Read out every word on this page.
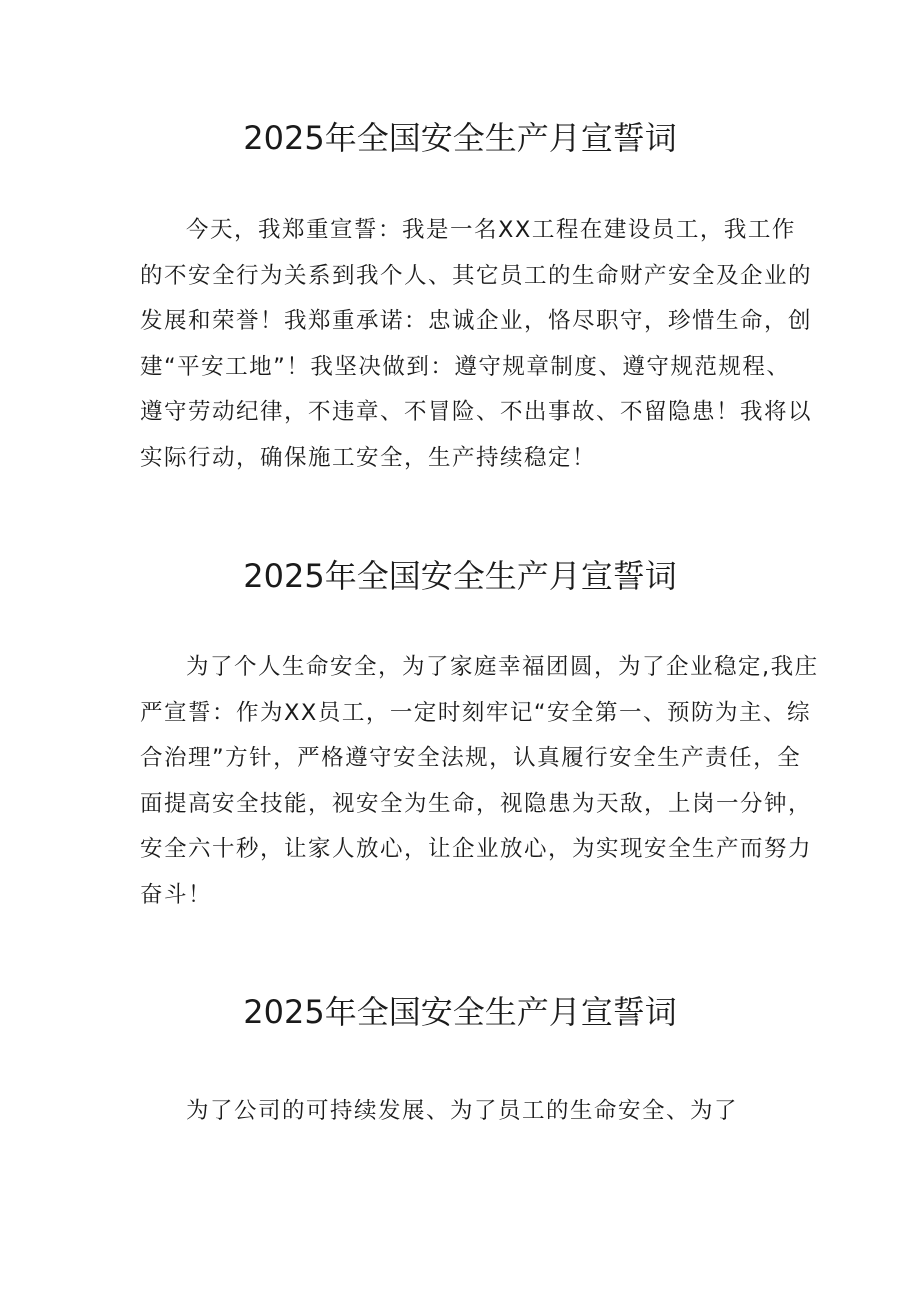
2025年全国安全生产月宣誓词

今天，我郑重宣誓：我是一名XX工程在建设员工，我工作
的不安全行为关系到我个人、其它员工的生命财产安全及企业的
发展和荣誉！我郑重承诺：忠诚企业，恪尽职守，珍惜生命，创
建“平安工地”！我坚决做到：遵守规章制度、遵守规范规程、
遵守劳动纪律，不违章、不冒险、不出事故、不留隐患！我将以
实际行动，确保施工安全，生产持续稳定！

2025年全国安全生产月宣誓词

为了个人生命安全，为了家庭幸福团圆，为了企业稳定,我庄
严宣誓：作为XX员工，一定时刻牢记“安全第一、预防为主、综
合治理”方针，严格遵守安全法规，认真履行安全生产责任，全
面提高安全技能，视安全为生命，视隐患为天敌，上岗一分钟，
安全六十秒，让家人放心，让企业放心，为实现安全生产而努力
奋斗！

2025年全国安全生产月宣誓词

为了公司的可持续发展、为了员工的生命安全、为了
